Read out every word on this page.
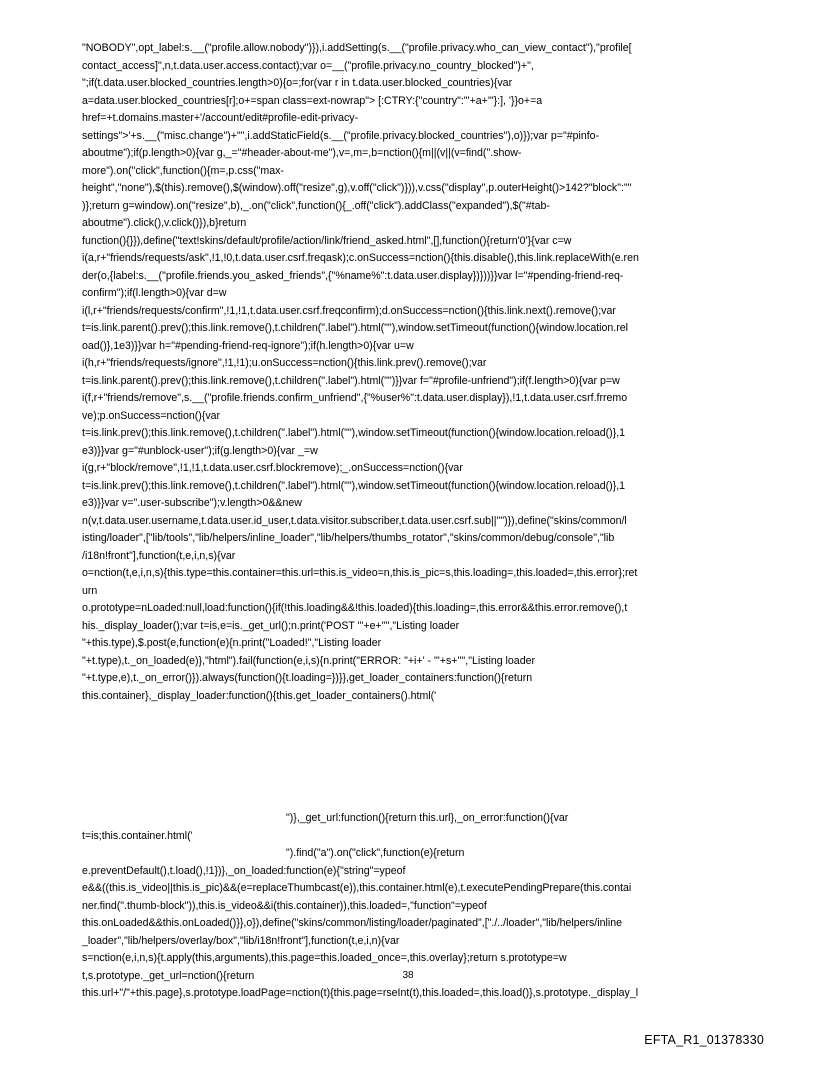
"NOBODY",opt_label:s.__("profile.allow.nobody")}),i.addSetting(s.__("profile.privacy.who_can_view_contact"),"profile[
contact_access]",n,t.data.user.access.contact);var o=__("profile.privacy.no_country_blocked")+",
";if(t.data.user.blocked_countries.length>0){o=;for(var r in t.data.user.blocked_countries){var
a=data.user.blocked_countries[r];o+=span class=ext-nowrap"> [:CTRY:{"country":"'+a+'"}:], '}}o+=a
href=+t.domains.master+'/account/edit#profile-edit-privacy-
settings">'+s.__("misc.change")+"",i.addStaticField(s.__("profile.privacy.blocked_countries"),o)});var p="#pinfo-
aboutme");if(p.length>0){var g,_="#header-about-me"),v=,m=,b=nction(){m||(v||(v=find(".show-
more").on("click",function(){m=,p.css("max-
height","none"),$(this).remove(),$(window).off("resize",g),v.off("click")})),v.css("display",p.outerHeight()>142?"block":""
)};return g=window).on("resize",b),_.on("click",function(){_.off("click").addClass("expanded"),$("#tab-
aboutme").click(),v.click()}),b}return
function(){}}),define("text!skins/default/profile/action/link/friend_asked.html",[],function(){return'0'}{var c=w
i(a,r+"friends/requests/ask",!1,!0,t.data.user.csrf.freqask);c.onSuccess=nction(){this.disable(),this.link.replaceWith(e.ren
der(o,{label:s.__("profile.friends.you_asked_friends",{"%name%":t.data.user.display})}))}}var l="#pending-friend-req-
confirm");if(l.length>0){var d=w
i(l,r+"friends/requests/confirm",!1,!1,t.data.user.csrf.freqconfirm);d.onSuccess=nction(){this.link.next().remove();var
t=is.link.parent().prev();this.link.remove(),t.children(".label").html(""),window.setTimeout(function(){window.location.rel
oad()},1e3)}}var h="#pending-friend-req-ignore");if(h.length>0){var u=w
i(h,r+"friends/requests/ignore",!1,!1);u.onSuccess=nction(){this.link.prev().remove();var
t=is.link.parent().prev();this.link.remove(),t.children(".label").html("")}}var f="#profile-unfriend");if(f.length>0){var p=w
i(f,r+"friends/remove",s.__("profile.friends.confirm_unfriend",{"%user%":t.data.user.display}),!1,t.data.user.csrf.frremo
ve);p.onSuccess=nction(){var
t=is.link.prev();this.link.remove(),t.children(".label").html(""),window.setTimeout(function(){window.location.reload()},1
e3)}}var g="#unblock-user");if(g.length>0){var _=w
i(g,r+"block/remove",!1,!1,t.data.user.csrf.blockremove);_.onSuccess=nction(){var
t=is.link.prev();this.link.remove(),t.children(".label").html(""),window.setTimeout(function(){window.location.reload()},1
e3)}}var v=".user-subscribe");v.length>0&&new
n(v,t.data.user.username,t.data.user.id_user,t.data.visitor.subscriber,t.data.user.csrf.sub||"")}),define("skins/common/l
isting/loader",["lib/tools","lib/helpers/inline_loader","lib/helpers/thumbs_rotator","skins/common/debug/console","lib
/i18n!front"],function(t,e,i,n,s){var
o=nction(t,e,i,n,s){this.type=this.container=this.url=this.is_video=n,this.is_pic=s,this.loading=,this.loaded=,this.error};ret
urn
o.prototype=nLoaded:null,load:function(){if(!this.loading&&!this.loaded){this.loading=,this.error&&this.error.remove(),t
his._display_loader();var t=is,e=is._get_url();n.print('POST "'+e+'"',"Listing loader
"+this.type),$.post(e,function(e){n.print("Loaded!","Listing loader
"+t.type),t._on_loaded(e)},"html").fail(function(e,i,s){n.print("ERROR: "+i+' - "'+s+'"',"Listing loader
"+t.type,e),t._on_error()}).always(function(){t.loading=})}},get_loader_containers:function(){return
this.container},_display_loader:function(){this.get_loader_containers().html('
")},_get_url:function(){return this.url},_on_error:function(){var
t=is;this.container.html('
").find("a").on("click",function(e){return
e.preventDefault(),t.load(),!1})},_on_loaded:function(e){"string"=ypeof
e&&((this.is_video||this.is_pic)&&(e=replaceThumbcast(e)),this.container.html(e),t.executePendingPrepare(this.contai
ner.find(".thumb-block")),this.is_video&&i(this.container)),this.loaded=,"function"=ypeof
this.onLoaded&&this.onLoaded()}},o}),define("skins/common/listing/loader/paginated",["./../loader","lib/helpers/inline
_loader","lib/helpers/overlay/box","lib/i18n!front"],function(t,e,i,n){var
s=nction(e,i,n,s){t.apply(this,arguments),this.page=this.loaded_once=,this.overlay};return s.prototype=w
t,s.prototype._get_url=nction(){return
this.url+"/"+this.page},s.prototype.loadPage=nction(t){this.page=rseInt(t),this.loaded=,this.load()},s.prototype._display_l
38
EFTA_R1_01378330
